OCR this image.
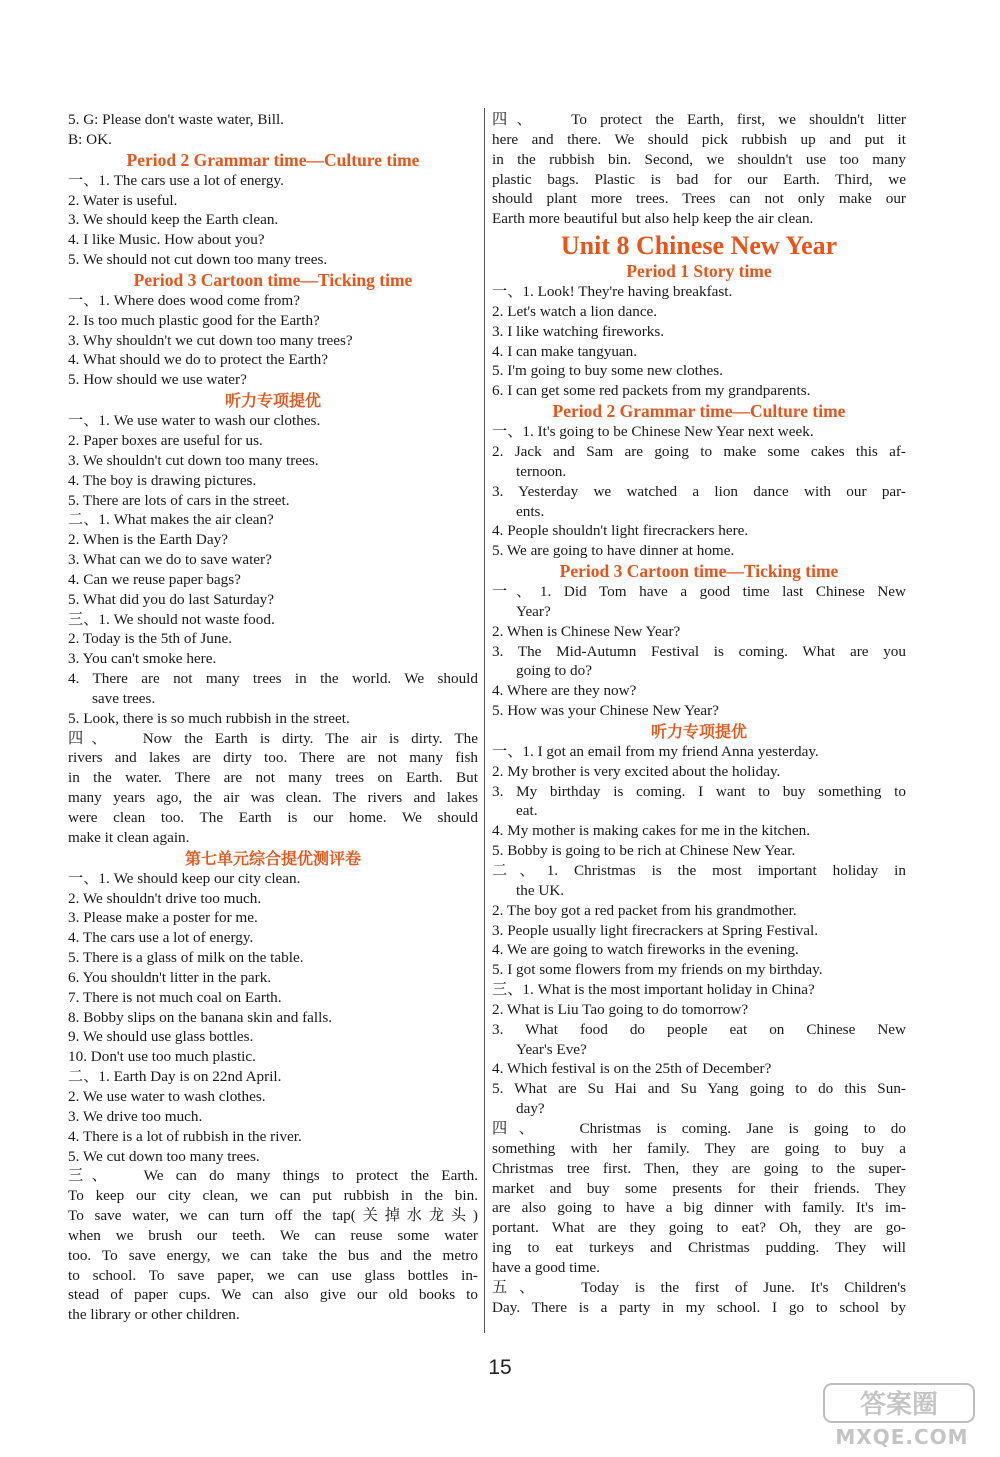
5. G: Please don't waste water, Bill.
B: OK.
Period 2 Grammar time—Culture time
一、1. The cars use a lot of energy.
2. Water is useful.
3. We should keep the Earth clean.
4. I like Music. How about you?
5. We should not cut down too many trees.
Period 3 Cartoon time—Ticking time
一、1. Where does wood come from?
2. Is too much plastic good for the Earth?
3. Why shouldn't we cut down too many trees?
4. What should we do to protect the Earth?
5. How should we use water?
听力专项提优
一、1. We use water to wash our clothes.
2. Paper boxes are useful for us.
3. We shouldn't cut down too many trees.
4. The boy is drawing pictures.
5. There are lots of cars in the street.
二、1. What makes the air clean?
2. When is the Earth Day?
3. What can we do to save water?
4. Can we reuse paper bags?
5. What did you do last Saturday?
三、1. We should not waste food.
2. Today is the 5th of June.
3. You can't smoke here.
4. There are not many trees in the world. We should
save trees.
5. Look, there is so much rubbish in the street.
四、　 Now the Earth is dirty. The air is dirty. The
rivers and lakes are dirty too. There are not many fish
in the water. There are not many trees on Earth. But
many years ago, the air was clean. The rivers and lakes
were clean too. The Earth is our home. We should
make it clean again.
第七单元综合提优测评卷
一、1. We should keep our city clean.
2. We shouldn't drive too much.
3. Please make a poster for me.
4. The cars use a lot of energy.
5. There is a glass of milk on the table.
6. You shouldn't litter in the park.
7. There is not much coal on Earth.
8. Bobby slips on the banana skin and falls.
9. We should use glass bottles.
10. Don't use too much plastic.
二、1. Earth Day is on 22nd April.
2. We use water to wash clothes.
3. We drive too much.
4. There is a lot of rubbish in the river.
5. We cut down too many trees.
三、　 We can do many things to protect the Earth.
To keep our city clean, we can put rubbish in the bin.
To save water, we can turn off the tap(关掉水龙头)
when we brush our teeth. We can reuse some water
too. To save energy, we can take the bus and the metro
to school. To save paper, we can use glass bottles in-
stead of paper cups. We can also give our old books to
the library or other children.
四、　 To protect the Earth, first, we shouldn't litter
here and there. We should pick rubbish up and put it
in the rubbish bin. Second, we shouldn't use too many
plastic bags. Plastic is bad for our Earth. Third, we
should plant more trees. Trees can not only make our
Earth more beautiful but also help keep the air clean.
Unit 8 Chinese New Year
Period 1 Story time
一、1. Look! They're having breakfast.
2. Let's watch a lion dance.
3. I like watching fireworks.
4. I can make tangyuan.
5. I'm going to buy some new clothes.
6. I can get some red packets from my grandparents.
Period 2 Grammar time—Culture time
一、1. It's going to be Chinese New Year next week.
2. Jack and Sam are going to make some cakes this af-
ternoon.
3. Yesterday we watched a lion dance with our par-
ents.
4. People shouldn't light firecrackers here.
5. We are going to have dinner at home.
Period 3 Cartoon time—Ticking time
一、1. Did Tom have a good time last Chinese New
Year?
2. When is Chinese New Year?
3. The Mid-Autumn Festival is coming. What are you
going to do?
4. Where are they now?
5. How was your Chinese New Year?
听力专项提优
一、1. I got an email from my friend Anna yesterday.
2. My brother is very excited about the holiday.
3. My birthday is coming. I want to buy something to
eat.
4. My mother is making cakes for me in the kitchen.
5. Bobby is going to be rich at Chinese New Year.
二、1. Christmas is the most important holiday in
the UK.
2. The boy got a red packet from his grandmother.
3. People usually light firecrackers at Spring Festival.
4. We are going to watch fireworks in the evening.
5. I got some flowers from my friends on my birthday.
三、1. What is the most important holiday in China?
2. What is Liu Tao going to do tomorrow?
3. What food do people eat on Chinese New
Year's Eve?
4. Which festival is on the 25th of December?
5. What are Su Hai and Su Yang going to do this Sun-
day?
四、　 Christmas is coming. Jane is going to do
something with her family. They are going to buy a
Christmas tree first. Then, they are going to the super-
market and buy some presents for their friends. They
are also going to have a big dinner with family. It's im-
portant. What are they going to eat? Oh, they are go-
ing to eat turkeys and Christmas pudding. They will
have a good time.
五、　 Today is the first of June. It's Children's
Day. There is a party in my school. I go to school by
15
答案圈
MXQE.COM
